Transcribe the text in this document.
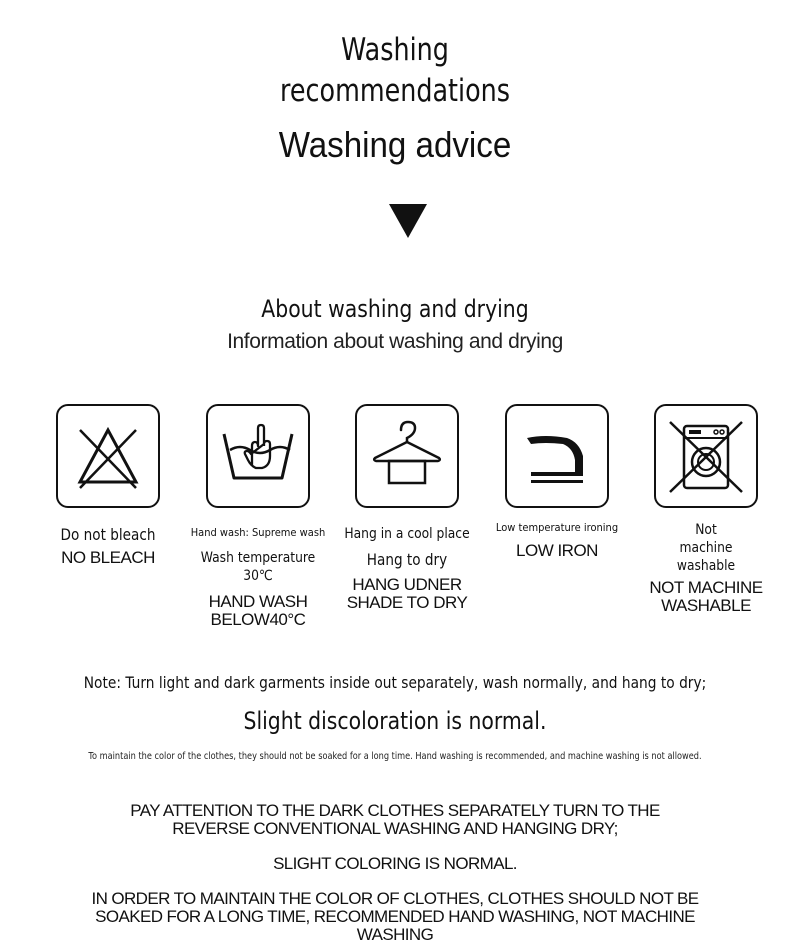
Washing
recommendations
Washing advice
About washing and drying
Information about washing and drying
Do not bleach
NO BLEACH
Hand wash: Supreme wash
Wash temperature 30℃
HAND WASH BELOW40°C
Hang in a cool place
Hang to dry
HANG UDNER SHADE TO DRY
Low temperature ironing
LOW IRON
Not machine washable
NOT MACHINE WASHABLE
Note: Turn light and dark garments inside out separately, wash normally, and hang to dry;
Slight discoloration is normal.
To maintain the color of the clothes, they should not be soaked for a long time. Hand washing is recommended, and machine washing is not allowed.
PAY ATTENTION TO THE DARK CLOTHES SEPARATELY TURN TO THE REVERSE CONVENTIONAL WASHING AND HANGING DRY;
SLIGHT COLORING IS NORMAL.
IN ORDER TO MAINTAIN THE COLOR OF CLOTHES, CLOTHES SHOULD NOT BE SOAKED FOR A LONG TIME, RECOMMENDED HAND WASHING, NOT MACHINE WASHING
